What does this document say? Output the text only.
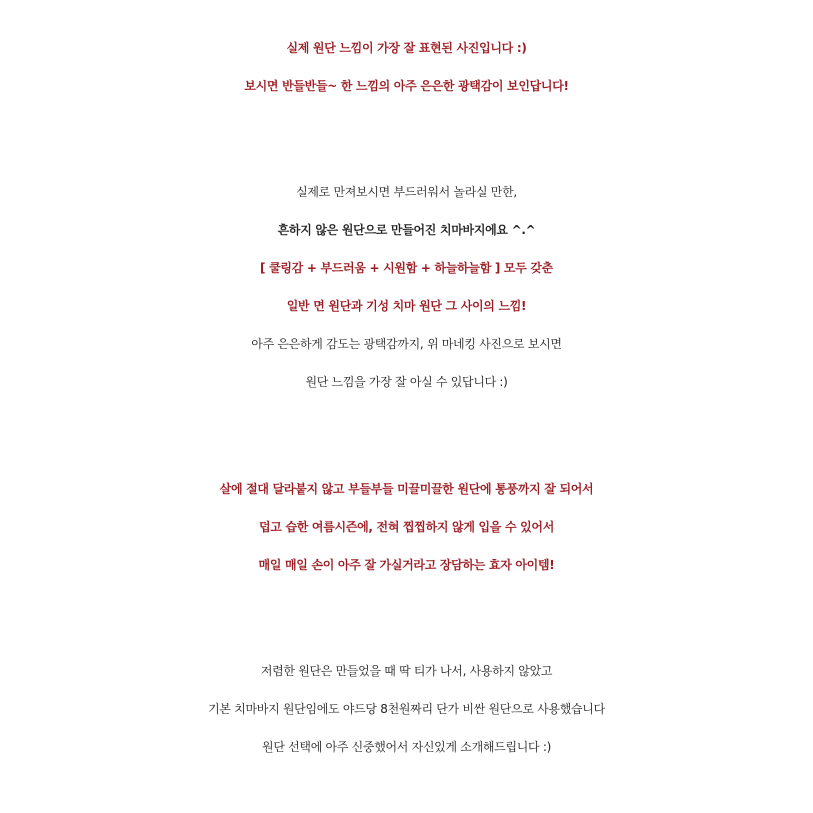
실제 원단 느낌이 가장 잘 표현된 사진입니다 :)
보시면 반들반들~ 한 느낌의 아주 은은한 광택감이 보인답니다!
실제로 만져보시면 부드러워서 놀라실 만한,
흔하지 않은 원단으로 만들어진 치마바지에요 ^.^
[ 쿨링감 + 부드러움 + 시원함 + 하늘하늘함 ] 모두 갖춘
일반 면 원단과 기성 치마 원단 그 사이의 느낌!
아주 은은하게 감도는 광택감까지, 위 마네킹 사진으로 보시면
원단 느낌을 가장 잘 아실 수 있답니다 :)
살에 절대 달라붙지 않고 부들부들 미끌미끌한 원단에 통풍까지 잘 되어서
덥고 습한 여름시즌에, 전혀 찝찝하지 않게 입을 수 있어서
매일 매일 손이 아주 잘 가실거라고 장담하는 효자 아이템!
저렴한 원단은 만들었을 때 딱 티가 나서, 사용하지 않았고
기본 치마바지 원단임에도 야드당 8천원짜리 단가 비싼 원단으로 사용했습니다
원단 선택에 아주 신중했어서 자신있게 소개해드립니다 :)
